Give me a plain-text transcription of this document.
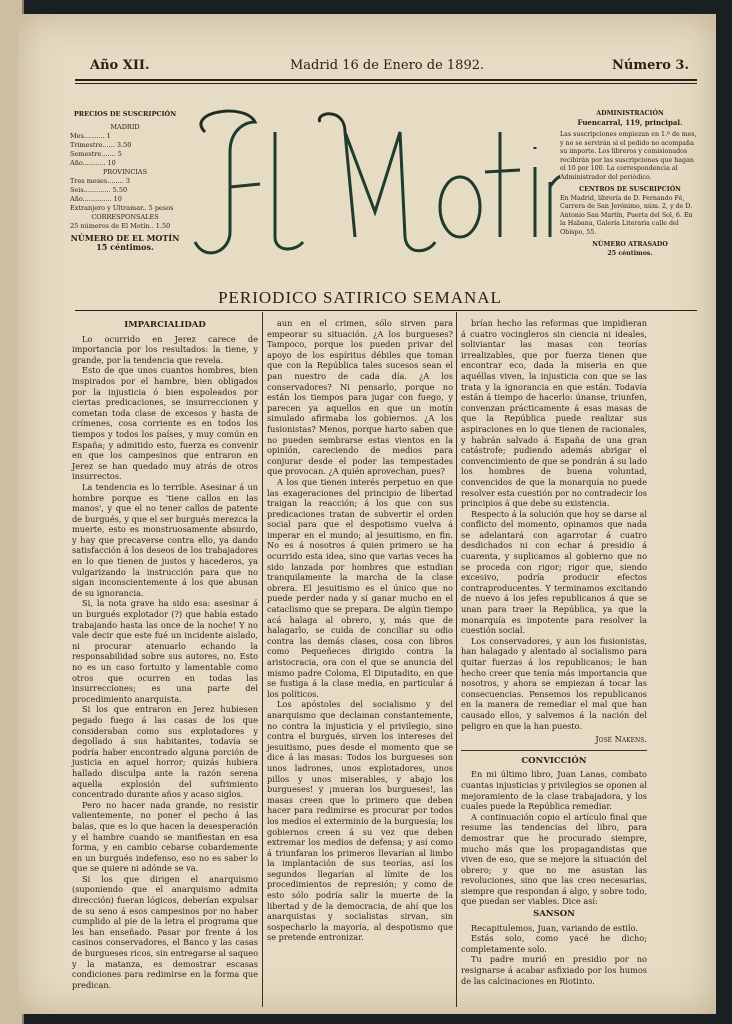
Año XII.	Madrid 16 de Enero de 1892.	Número 3.
PRECIOS DE SUSCRIPCIÓN
MADRID
Mes.......... 1
Trimestre...... 3.50
Semestre....... 5
Año........... 10
PROVINCIAS
Tres meses........ 3
Seis............. 5.50
Año.............. 10
Extranjero y Ultramar.. 5 pesos
CORRESPONSALES
25 números de El Motín.. 1.50
NÚMERO DE EL MOTÍN
15 céntimos.
El Motín
ADMINISTRACIÓN
Fuencarral, 119, principal.
Las suscripciones empiezan en 1.º de mes, y no se servirán si el pedido no acompaña su importe. Los libreros y comisionados recibirán por las suscripciones que hagan el 10 por 100. La correspondencia al Administrador del periódico.
CENTROS DE SUSCRIPCIÓN
En Madrid, librería de D. Fernando Fé, Carrera de San Jerónimo, núm. 2, y de D. Antonio San Martín, Puerta del Sol, 6. En la Habana, Galería Literaria calle del Obispo, 55.
NÚMERO ATRASADO
25 céntimos.
PERIODICO SATIRICO SEMANAL

IMPARCIALIDAD

Lo ocurrido en Jerez carece de importancia por los resultados: la tiene, y grande, por la tendencia que revela.

Esto de que unos cuantos hombres, bien inspirados por el hambre, bien obligados por la injusticia ó bien espoleados por ciertas predicaciones, se insurreccionen y cometan toda clase de excesos y hasta de crímenes, cosa corriente es en todos los tiempos y todos los países, y muy común en España; y admitido esto, fuerza es convenir en que los campesinos que entraron en Jerez se han quedado muy atrás de otros insurrectos.

La tendencia es lo terrible. Asesinar á un hombre porque es 'tiene callos en las manos', y que el no tener callos de patente de burgués, y que el ser burgués merezca la muerte, esto es monstruosamente absurdo, y hay que precaverse contra ello, ya dando satisfacción á los deseos de los trabajadores en lo que tienen de justos y hacederos, ya vulgarizando la instrucción para que no sigan inconscientemente á los que abusan de su ignorancia.

Si, la nota grave ha sido esa: asesinar á un burgués explotador (?) que había estado trabajando hasta las once de la noche! Y no vale decir que este fué un incidente aislado, ni procurar atenuarlo echando la responsabilidad sobre sus autores, no. Esto no es un caso fortuito y lamentable como otros que ocurren en todas las insurrecciones; es una parte del procedimiento anarquista.

Si los que entraron en Jerez hubiesen pegado fuego á las casas de los que consideraban como sus explotadores y degollado á sus habitantes, todavía se podría haber encontrado alguna porción de justicia en aquel horror; quizás hubiera hallado disculpa ante la razón serena aquella explosión del sufrimiento concentrado durante años y acaso siglos.

Pero no hacer nada grande, no resistir valientemente, no poner el pecho á las balas, que es lo que hacen la desesperación y el hambre cuando se manifiestan en esa forma, y en cambio cebarse cobardemente en un burgués indefenso, eso no es saber lo que se quiere ni adónde se va.

Si los que dirigen el anarquismo (suponiendo que el anarquismo admita dirección) fueran lógicos, deberían expulsar de su seno á esos campesinos por no haber cumplido al pie de la letra el programa que les han enseñado. Pasar por frente á los casinos conservadores, el Banco y las casas de burgueses ricos, sin entregarse al saqueo y la matanza, es demostrar escasas condiciones para redimirse en la forma que predican.

aun en el crimen, sólo sirven para empeorar su situación. ¿A los burgueses? Tampoco, porque los pueden privar del apoyo de los espíritus débiles que toman que con la República tales sucesos sean el pan nuestro de cada día. ¿A los conservadores? Ni pensarlo, porque no están los tiempos para jugar con fuego, y parecen ya aquellos en que un motín simulado afirmaba los gobiernos. ¿A los fusionistas? Menos, porque harto saben que no pueden sembrarse estas vientos en la opinión, careciendo de medios para conjurar desde el poder las tempestades que provocan. ¿A quién aprovechan, pues?

A los que tienen interés perpetuo en que las exageraciones del principio de libertad traigan la reacción; á los que con sus predicaciones tratan de subvertir el orden social para que el despotismo vuelva á imperar en el mundo; al jesuitismo, en fin. No es á nosotros á quien primero se ha ocurrido esta idea, sino que varias veces ha sido lanzada por hombres que estudian tranquilamente la marcha de la clase obrera. El jesuitismo es el único que no puede perder nada y sí ganar mucho en el cataclismo que se prepara. De algún tiempo acá halaga al obrero, y, más que de halagarlo, se cuida de conciliar su odio contra las demás clases, cosa con libros como Pequeñeces dirigido contra la aristocracia, ora con el que se anuncia del mismo padre Coloma, El Diputadito, en que se fustiga á la clase media, en particular á los políticos.

Los apóstoles del socialismo y del anarquismo que declaman constantemente, no contra la injusticia y el privilegio, sino contra el burgués, sirven los intereses del jesuitismo, pues desde el momento que se dice á las masas: Todos los burgueses son unos ladrones, unos explotadores, unos pillos y unos miserables, y abajo los burgueses! y ¡mueran los burgueses!, las masas creen que lo primero que deben hacer para redimirse es procurar por todos los medios el exterminio de la burguesía; los gobiernos creen á su vez que deben extremar los medios de defensa; y así como á triunfaran los primeros llevarían al limbo la implantación de sus teorías, así los segundos llegarían al límite de los procedimientos de represión; y como de esto sólo podría salir la muerte de la libertad y de la democracia, de ahí que los anarquistas y socialistas sirvan, sin sospecharlo la mayoría, al despotismo que se pretende entronizar.

brían hecho las reformas que impidieran á cuatro vocingleros sin ciencia ni ideales, soliviantar las masas con teorías irrealizables, que por fuerza tienen que encontrar eco, dada la miseria en que aquéllas viven, la injusticia con que se las trata y la ignorancia en que están. Todavía están á tiempo de hacerlo: únanse, triunfen, convenzan prácticamente á esas masas de que la República puede realizar sus aspiraciones en lo que tienen de racionales, y habrán salvado á España de una gran catástrofe; pudiendo además abrigar el convencimiento de que se pondrán á su lado los hombres de buena voluntad, convencidos de que la monarquía no puede resolver esta cuestión por no contradecir los principios á que debe su existencia.

Respecto á la solución que hoy se darse al conflicto del momento, opinamos que nada se adelantará con agarrotar á cuatro desdichados ni con echar á presidio á cuarenta, y suplicamos al gobierno que no se proceda con rigor; rigor que, siendo excesivo, podría producir efectos contraproducentes. Y terminamos excitando de nuevo á los jefes republicanos á que se unan para traer la República, ya que la monarquía es impotente para resolver la cuestión social.

Los conservadores, y aun los fusionistas, han halagado y alentado al socialismo para quitar fuerzas á los republicanos; le han hecho creer que tenía más importancia que nosotros, y ahora se empiezan á tocar las consecuencias. Pensemos los republicanos en la manera de remediar el mal que han causado ellos, y salvemos á la nación del peligro en que la han puesto.

José Nakens.

CONVICCIÓN

En mi último libro, Juan Lanas, combato cuantas injusticias y privilegios se oponen al mejoramiento de la clase trabajadora, y los cuales puede la República remediar.

A continuación copio el artículo final que resume las tendencias del libro, para demostrar que he procurado siempre, mucho más que los propagandistas que viven de eso, que se mejore la situación del obrero; y que no me asustan las revoluciones, sino que las creo necesarias, siempre que respondan á algo, y sobre todo, que puedan ser viables. Dice así:

SANSON

Recapitulemos, Juan, variando de estilo.

Estás solo, como yacé he dicho; completamente solo.

Tu padre murió en presidio por no resignarse á acabar asfixiado por los humos de las calcinaciones en Riotinto.
